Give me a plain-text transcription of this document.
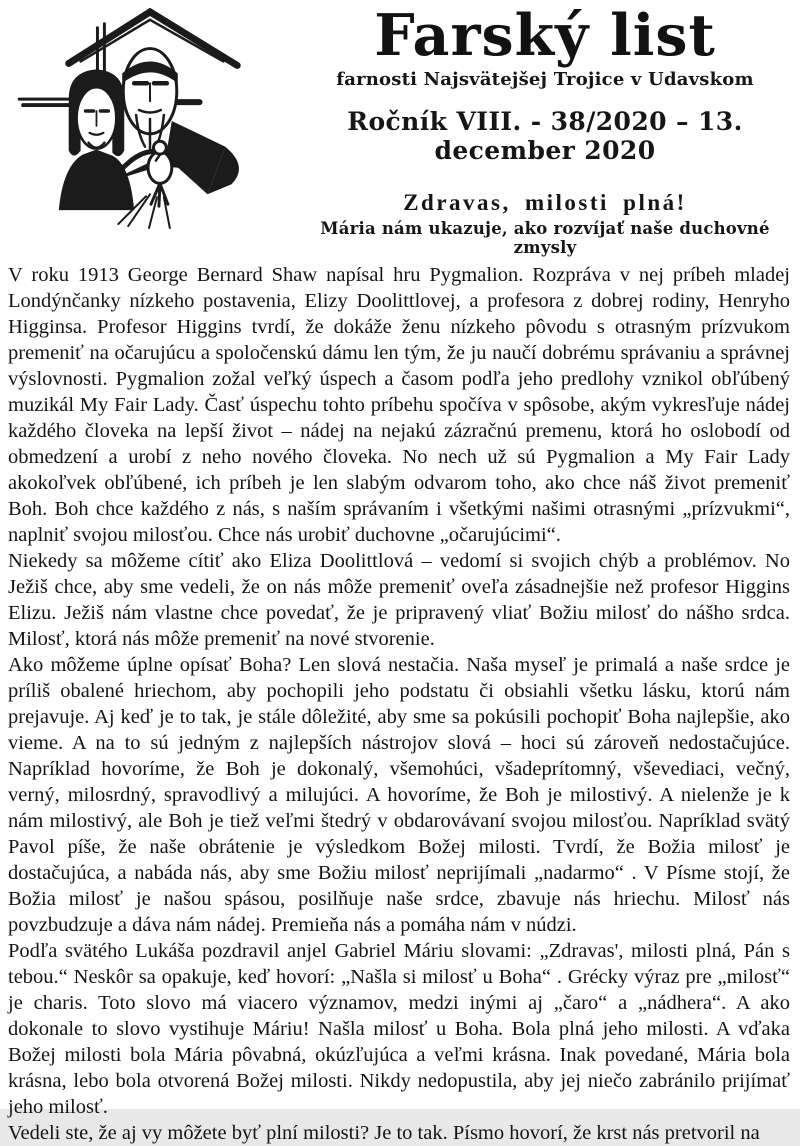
Farský list
farnosti Najsvätejšej Trojice v Udavskom
Ročník VIII. - 38/2020 – 13. december 2020
Zdravas, milosti plná!
Mária nám ukazuje, ako rozvíjať naše duchovné zmysly

V roku 1913 George Bernard Shaw napísal hru Pygmalion. Rozpráva v nej príbeh mladej Londýnčanky nízkeho postavenia, Elizy Doolittlovej, a profesora z dobrej rodiny, Henryho Higginsa. Profesor Higgins tvrdí, že dokáže ženu nízkeho pôvodu s otrasným prízvukom premeniť na očarujúcu a spoločenskú dámu len tým, že ju naučí dobrému správaniu a správnej výslovnosti. Pygmalion zožal veľký úspech a časom podľa jeho predlohy vznikol obľúbený muzikál My Fair Lady. Časť úspechu tohto príbehu spočíva v spôsobe, akým vykresľuje nádej každého človeka na lepší život – nádej na nejakú zázračnú premenu, ktorá ho oslobodí od obmedzení a urobí z neho nového človeka. No nech už sú Pygmalion a My Fair Lady akokoľvek obľúbené, ich príbeh je len slabým odvarom toho, ako chce náš život premeniť Boh. Boh chce každého z nás, s naším správaním i všetkými našimi otrasnými „prízvukmi“, naplniť svojou milosťou. Chce nás urobiť duchovne „očarujúcimi“.

Niekedy sa môžeme cítiť ako Eliza Doolittlová – vedomí si svojich chýb a problémov. No Ježiš chce, aby sme vedeli, že on nás môže premeniť oveľa zásadnejšie než profesor Higgins Elizu. Ježiš nám vlastne chce povedať, že je pripravený vliať Božiu milosť do nášho srdca. Milosť, ktorá nás môže premeniť na nové stvorenie.

Ako môžeme úplne opísať Boha? Len slová nestačia. Naša myseľ je primalá a naše srdce je príliš obalené hriechom, aby pochopili jeho podstatu či obsiahli všetku lásku, ktorú nám prejavuje. Aj keď je to tak, je stále dôležité, aby sme sa pokúsili pochopiť Boha najlepšie, ako vieme. A na to sú jedným z najlepších nástrojov slová – hoci sú zároveň nedostačujúce. Napríklad hovoríme, že Boh je dokonalý, všemohúci, všadeprítomný, vševediaci, večný, verný, milosrdný, spravodlivý a milujúci. A hovoríme, že Boh je milostivý. A nielenže je k nám milostivý, ale Boh je tiež veľmi štedrý v obdarovávaní svojou milosťou. Napríklad svätý Pavol píše, že naše obrátenie je výsledkom Božej milosti. Tvrdí, že Božia milosť je dostačujúca, a nabáda nás, aby sme Božiu milosť neprijímali „nadarmo“ . V Písme stojí, že Božia milosť je našou spásou, posilňuje naše srdce, zbavuje nás hriechu. Milosť nás povzbudzuje a dáva nám nádej. Premieňa nás a pomáha nám v núdzi.

Podľa svätého Lukáša pozdravil anjel Gabriel Máriu slovami: „Zdravas', milosti plná, Pán s tebou.“ Neskôr sa opakuje, keď hovorí: „Našla si milosť u Boha“ . Grécky výraz pre „milosť“ je charis. Toto slovo má viacero významov, medzi inými aj „čaro“ a „nádhera“. A ako dokonale to slovo vystihuje Máriu! Našla milosť u Boha. Bola plná jeho milosti. A vďaka Božej milosti bola Mária pôvabná, okúzľujúca a veľmi krásna. Inak povedané, Mária bola krásna, lebo bola otvorená Božej milosti. Nikdy nedopustila, aby jej niečo zabránilo prijímať jeho milosť.

Vedeli ste, že aj vy môžete byť plní milosti? Je to tak. Písmo hovorí, že krst nás pretvoril na
